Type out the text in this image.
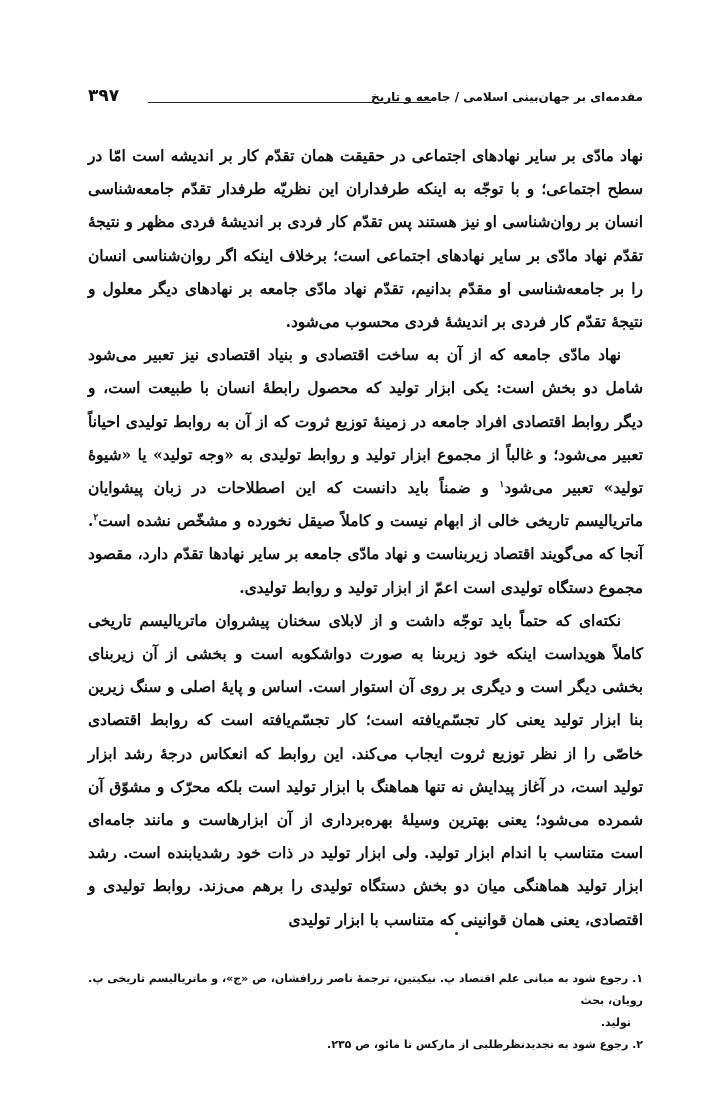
مقدمه‌ای بر جهان‌بینی اسلامی / جامعه و تاریخ
۳۹۷

نهاد مادّی بر سایر نهادهای اجتماعی در حقیقت همان تقدّم کار بر اندیشه است امّا در سطح اجتماعی؛ و با توجّه به اینکه طرفداران این نظریّه طرفدار تقدّم جامعه‌شناسی انسان بر روان‌شناسی او نیز هستند پس تقدّم کار فردی بر اندیشهٔ فردی مظهر و نتیجهٔ تقدّم نهاد مادّی بر سایر نهادهای اجتماعی است؛ برخلاف اینکه اگر روان‌شناسی انسان را بر جامعه‌شناسی او مقدّم بدانیم، تقدّم نهاد مادّی جامعه بر نهادهای دیگر معلول و نتیجهٔ تقدّم کار فردی بر اندیشهٔ فردی محسوب می‌شود.

نهاد مادّی جامعه که از آن به ساخت اقتصادی و بنیاد اقتصادی نیز تعبیر می‌شود شامل دو بخش است: یکی ابزار تولید که محصول رابطهٔ انسان با طبیعت است، و دیگر روابط اقتصادی افراد جامعه در زمینهٔ توزیع ثروت که از آن به روابط تولیدی احیاناً تعبیر می‌شود؛ و غالباً از مجموع ابزار تولید و روابط تولیدی به «وجه تولید» یا «شیوهٔ تولید» تعبیر می‌شود$^۱$ و ضمناً باید دانست که این اصطلاحات در زبان پیشوایان ماتریالیسم تاریخی خالی از ابهام نیست و کاملاً صیقل نخورده و مشخّص نشده است$^۲$. آنجا که می‌گویند اقتصاد زیربناست و نهاد مادّی جامعه بر سایر نهادها تقدّم دارد، مقصود مجموع دستگاه تولیدی است اعمّ از ابزار تولید و روابط تولیدی.

نکته‌ای که حتماً باید توجّه داشت و از لابلای سخنان پیشروان ماتریالیسم تاریخی کاملاً هویداست اینکه خود زیربنا به صورت دواشکوبه است و بخشی از آن زیربنای بخشی دیگر است و دیگری بر روی آن استوار است. اساس و پایهٔ اصلی و سنگ زیرین بنا ابزار تولید یعنی کار تجسّم‌یافته است؛ کار تجسّم‌یافته است که روابط اقتصادی خاصّی را از نظر توزیع ثروت ایجاب می‌کند. این روابط که انعکاس درجهٔ رشد ابزار تولید است، در آغاز پیدایش نه تنها هماهنگ با ابزار تولید است بلکه محرّک و مشوّق آن شمرده می‌شود؛ یعنی بهترین وسیلهٔ بهره‌برداری از آن ابزارهاست و مانند جامه‌ای است متناسب با اندام ابزار تولید. ولی ابزار تولید در ذات خود رشدیابنده است. رشد ابزار تولید هماهنگی میان دو بخش دستگاه تولیدی را برهم می‌زند. روابط تولیدی و اقتصادی، یعنی همان قوانینی که متناسب با ابزار تولیدی

۱. رجوع شود به مبانی علم اقتصاد پ. نیکیتین، ترجمهٔ ناصر زرافشان، ص «ج»، و ماتریالیسم تاریخی پ. رویان، بحث

تولید.

۲. رجوع شود به تجدیدنظرطلبی از مارکس تا مائو، ص ۲۳۵.
